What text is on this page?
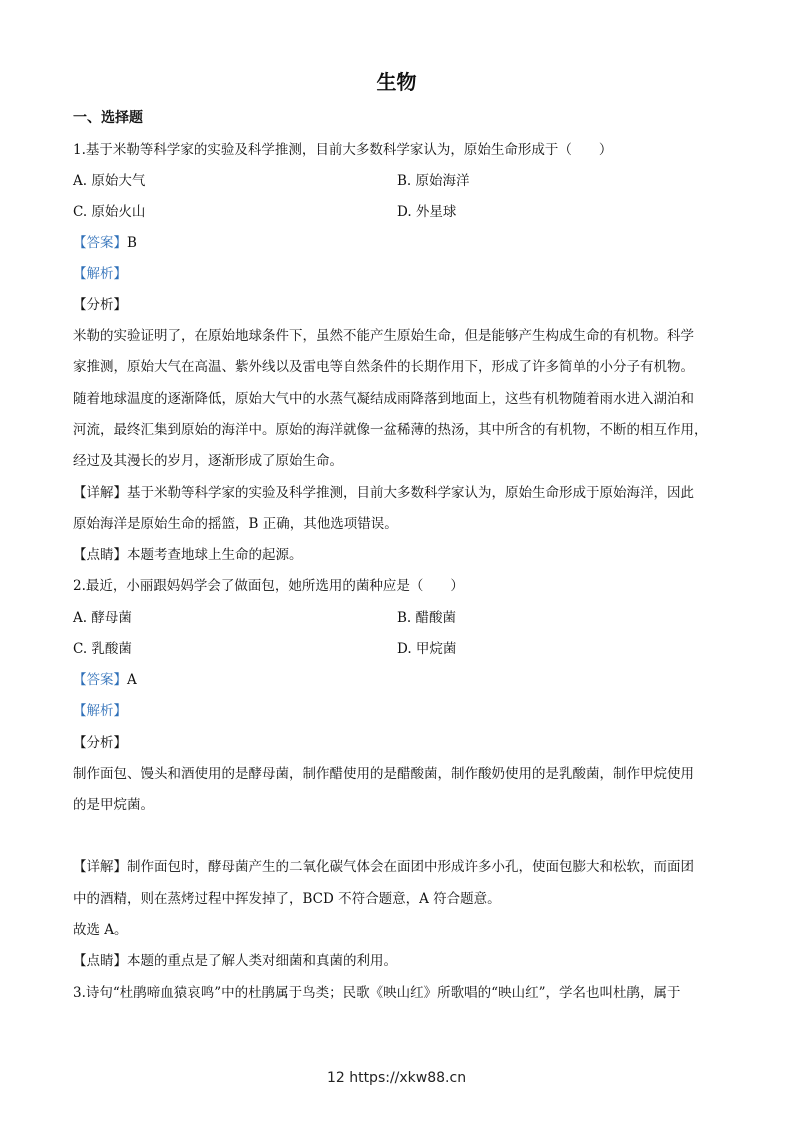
生物
一、选择题
1.基于米勒等科学家的实验及科学推测，目前大多数科学家认为，原始生命形成于（　　）
A. 原始大气	B. 原始海洋
C. 原始火山	D. 外星球
【答案】B
【解析】
【分析】
米勒的实验证明了，在原始地球条件下，虽然不能产生原始生命，但是能够产生构成生命的有机物。科学
家推测，原始大气在高温、紫外线以及雷电等自然条件的长期作用下，形成了许多简单的小分子有机物。
随着地球温度的逐渐降低，原始大气中的水蒸气凝结成雨降落到地面上，这些有机物随着雨水进入湖泊和
河流，最终汇集到原始的海洋中。原始的海洋就像一盆稀薄的热汤，其中所含的有机物，不断的相互作用，
经过及其漫长的岁月，逐渐形成了原始生命。
【详解】基于米勒等科学家的实验及科学推测，目前大多数科学家认为，原始生命形成于原始海洋，因此
原始海洋是原始生命的摇篮，B 正确，其他选项错误。
【点睛】本题考查地球上生命的起源。
2.最近，小丽跟妈妈学会了做面包，她所选用的菌种应是（　　）
A. 酵母菌	B. 醋酸菌
C. 乳酸菌	D. 甲烷菌
【答案】A
【解析】
【分析】
制作面包、馒头和酒使用的是酵母菌，制作醋使用的是醋酸菌，制作酸奶使用的是乳酸菌，制作甲烷使用
的是甲烷菌。
【详解】制作面包时，酵母菌产生的二氧化碳气体会在面团中形成许多小孔，使面包膨大和松软，而面团
中的酒精，则在蒸烤过程中挥发掉了，BCD 不符合题意，A 符合题意。
故选 A。
【点睛】本题的重点是了解人类对细菌和真菌的利用。
3.诗句“杜鹃啼血猿哀鸣”中的杜鹃属于鸟类；民歌《映山红》所歌唱的“映山红”，学名也叫杜鹃，属于
12 https://xkw88.cn
